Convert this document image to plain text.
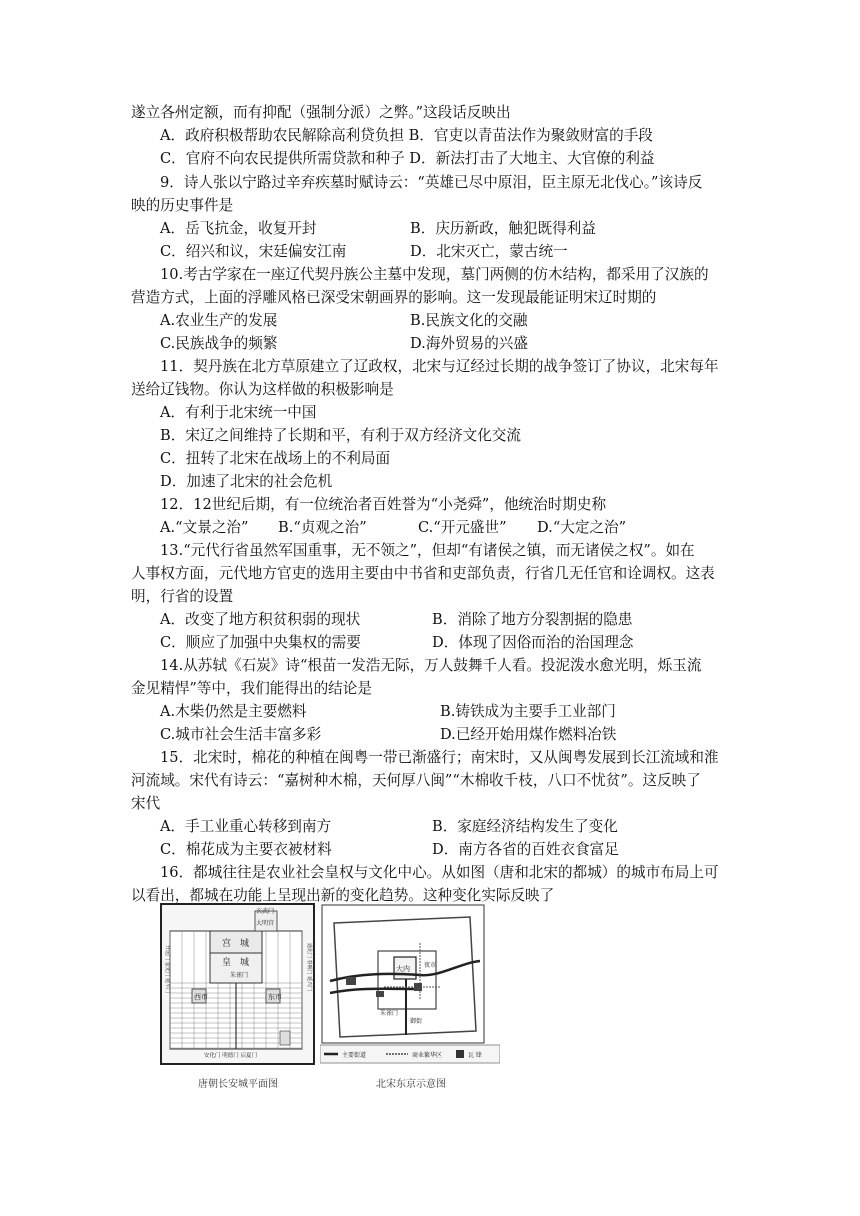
遂立各州定额，而有抑配（强制分派）之弊。”这段话反映出
A．政府积极帮助农民解除高利贷负担 B．官吏以青苗法作为聚敛财富的手段
C．官府不向农民提供所需贷款和种子 D．新法打击了大地主、大官僚的利益
9．诗人张以宁路过辛弃疾墓时赋诗云：“英雄已尽中原泪，臣主原无北伐心。”该诗反
映的历史事件是
A．岳飞抗金，收复开封	B．庆历新政，触犯既得利益
C．绍兴和议，宋廷偏安江南	D．北宋灭亡，蒙古统一
10.考古学家在一座辽代契丹族公主墓中发现，墓门两侧的仿木结构，都采用了汉族的
营造方式，上面的浮雕风格已深受宋朝画界的影响。这一发现最能证明宋辽时期的
A.农业生产的发展	B.民族文化的交融
C.民族战争的频繁	D.海外贸易的兴盛
11．契丹族在北方草原建立了辽政权，北宋与辽经过长期的战争签订了协议，北宋每年
送给辽钱物。你认为这样做的积极影响是
A．有利于北宋统一中国
B．宋辽之间维持了长期和平，有利于双方经济文化交流
C．扭转了北宋在战场上的不利局面
D．加速了北宋的社会危机
12．12世纪后期，有一位统治者百姓誉为“小尧舜”，他统治时期史称
A.“文景之治” B.“贞观之治”	C.“开元盛世” D.“大定之治”
13.“元代行省虽然军国重事，无不领之”，但却“有诸侯之镇，而无诸侯之权”。如在
人事权方面，元代地方官吏的选用主要由中书省和吏部负责，行省几无任官和诠调权。这表
明，行省的设置
A．改变了地方积贫积弱的现状	B．消除了地方分裂割据的隐患
C．顺应了加强中央集权的需要	D．体现了因俗而治的治国理念
14.从苏轼《石炭》诗“根苗一发浩无际，万人鼓舞千人看。投泥泼水愈光明，烁玉流
金见精悍”等中，我们能得出的结论是
A.木柴仍然是主要燃料	B.铸铁成为主要手工业部门
C.城市社会生活丰富多彩	D.已经开始用煤作燃料冶铁
15．北宋时，棉花的种植在闽粤一带已渐盛行；南宋时，又从闽粤发展到长江流域和淮
河流域。宋代有诗云：“嘉树种木棉，天何厚八闽”“木棉收千枝，八口不忧贫”。这反映了
宋代
A．手工业重心转移到南方	B．家庭经济结构发生了变化
C．棉花成为主要衣被材料	D．南方各省的百姓衣食富足
16．都城往往是农业社会皇权与文化中心。从如图（唐和北宋的都城）的城市布局上可
以看出，都城在功能上呈现出新的变化趋势。这种变化实际反映了
玄武门
大明宫
宫　城
皇　城
朱雀门
西市	东市
安化门 明德门 启夏门
开远门 金光门 延平门	通化门 春明门 延兴门
唐朝长安城平面图
大内 夜市
朱雀门
御街
主要街道	商业繁华区	瓦 肆
北宋东京示意图
